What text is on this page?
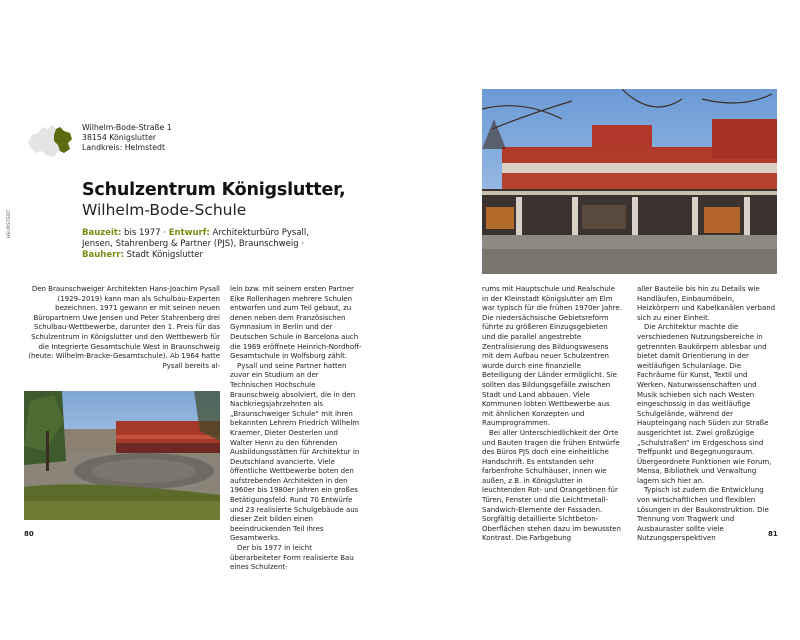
HELMSTEDT
Wilhelm-Bode-Straße 1
38154 Königslutter
Landkreis: Helmstedt
Schulzentrum Königslutter,
Wilhelm-Bode-Schule
Bauzeit: bis 1977 · Entwurf: Architekturbüro Pysall, Jensen, Stahrenberg & Partner (PJS), Braunschweig · Bauherr: Stadt Königslutter

Den Braunschweiger Architekten Hans-Joachim Pysall (1929–2019) kann man als Schulbau-Experten bezeichnen. 1971 gewann er mit seinen neuen Büropartnern Uwe Jensen und Peter Stahrenberg drei Schulbau-Wettbewerbe, darunter den 1. Preis für das Schulzentrum in Königslutter und den Wettbewerb für die Integrierte Gesamtschule West in Braunschweig (heute: Wilhelm-Bracke-Gesamtschule). Ab 1964 hatte Pysall bereits al-

lein bzw. mit seinem ersten Partner Eike Rollenhagen mehrere Schulen entworfen und zum Teil gebaut, zu denen neben dem Französischen Gymnasium in Berlin und der Deutschen Schule in Barcelona auch die 1969 eröffnete Heinrich-Nordhoff-Gesamtschule in Wolfsburg zählt.

Pysall und seine Partner hatten zuvor ein Studium an der Technischen Hochschule Braunschweig absolviert, die in den Nachkriegsjahrzehnten als „Braunschweiger Schule“ mit ihren bekannten Lehrern Friedrich Wilhelm Kraemer, Dieter Oesterlen und Walter Henn zu den führenden Ausbildungsstätten für Architektur in Deutschland avancierte. Viele öffentliche Wettbewerbe boten den aufstrebenden Architekten in den 1960er bis 1980er Jahren ein großes Betätigungsfeld. Rund 70 Entwürfe und 23 realisierte Schulgebäude aus dieser Zeit bilden einen beeindruckenden Teil ihres Gesamtwerks.

Der bis 1977 in leicht überarbeiteter Form realisierte Bau eines Schulzent-

rums mit Hauptschule und Realschule in der Kleinstadt Königslutter am Elm war typisch für die frühen 1970er Jahre. Die niedersächsische Gebietsreform führte zu größeren Einzugsgebieten und die parallel angestrebte Zentralisierung des Bildungswesens mit dem Aufbau neuer Schulzentren wurde durch eine finanzielle Beteiligung der Länder ermöglicht. Sie sollten das Bildungsgefälle zwischen Stadt und Land abbauen. Viele Kommunen lobten Wettbewerbe aus mit ähnlichen Konzepten und Raumprogrammen.

Bei aller Unterschiedlichkeit der Orte und Bauten tragen die frühen Entwürfe des Büros PJS doch eine einheitliche Handschrift. Es entstanden sehr farbenfrohe Schulhäuser, innen wie außen, z.B. in Königslutter in leuchtenden Rot- und Orangetönen für Türen, Fenster und die Leichtmetall-Sandwich-Elemente der Fassaden. Sorgfältig detaillierte Sichtbeton-Oberflächen stehen dazu im bewussten Kontrast. Die Farbgebung

aller Bauteile bis hin zu Details wie Handläufen, Einbaumöbeln, Heizkörpern und Kabelkanälen verband sich zu einer Einheit.

Die Architektur machte die verschiedenen Nutzungsbereiche in getrennten Baukörpern ablesbar und bietet damit Orientierung in der weitläufigen Schulanlage. Die Fachräume für Kunst, Textil und Werken, Naturwissenschaften und Musik schieben sich nach Westen eingeschossig in das weitläufige Schulgelände, während der Haupteingang nach Süden zur Straße ausgerichtet ist. Zwei großzügige „Schulstraßen“ im Erdgeschoss sind Treffpunkt und Begegnungsraum. Übergeordnete Funktionen wie Forum, Mensa, Bibliothek und Verwaltung lagern sich hier an.

Typisch ist zudem die Entwicklung von wirtschaftlichen und flexiblen Lösungen in der Baukonstruktion. Die Trennung von Tragwerk und Ausbauraster sollte viele Nutzungsperspektiven

80	81
